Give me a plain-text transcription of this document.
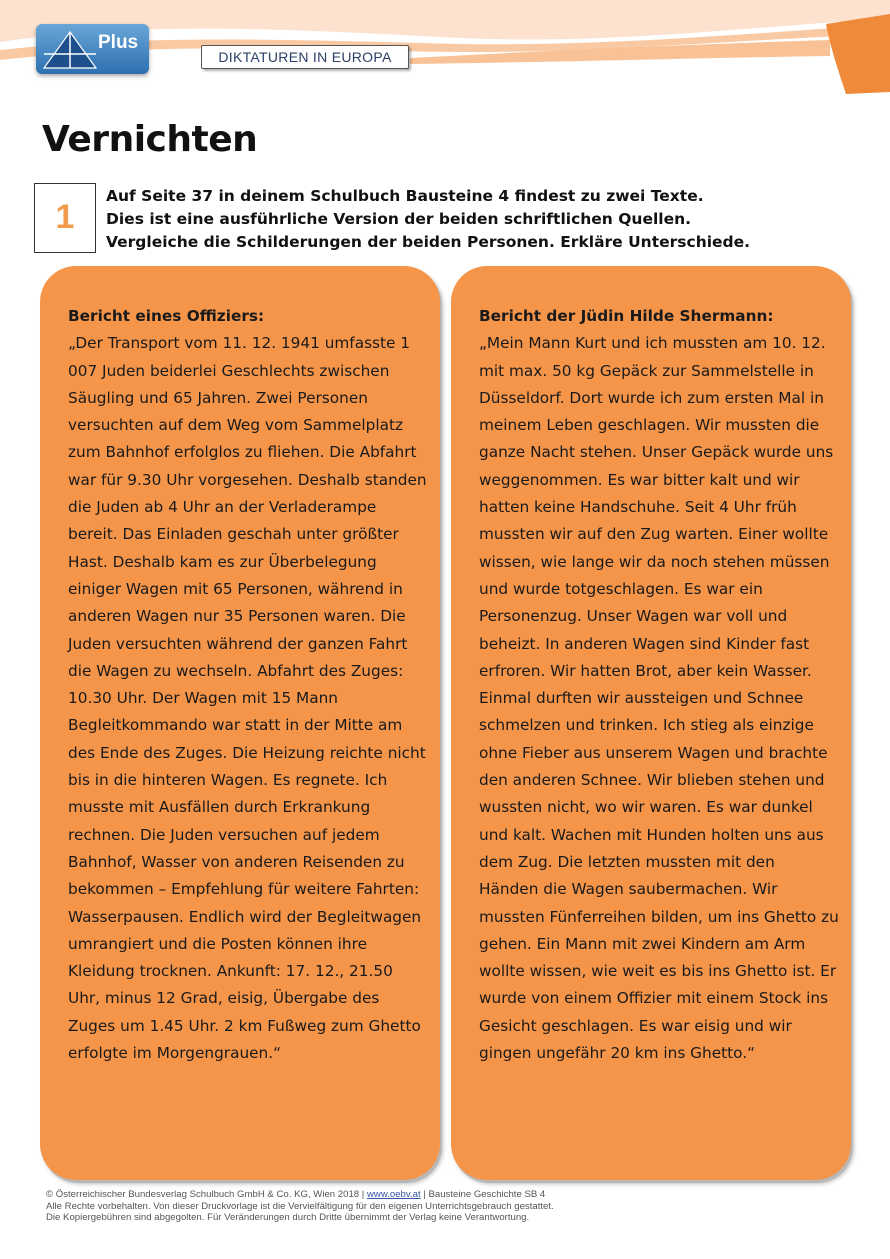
Plus
DIKTATUREN IN EUROPA
Vernichten
1
Auf Seite 37 in deinem Schulbuch Bausteine 4 findest zu zwei Texte.
Dies ist eine ausführliche Version der beiden schriftlichen Quellen.
Vergleiche die Schilderungen der beiden Personen. Erkläre Unterschiede.
Bericht eines Offiziers:
„Der Transport vom 11. 12. 1941 umfasste 1 007 Juden beiderlei Geschlechts zwischen Säugling und 65 Jahren. Zwei Personen versuchten auf dem Weg vom Sammelplatz zum Bahnhof erfolglos zu fliehen. Die Abfahrt war für 9.30 Uhr vorgesehen. Deshalb standen die Juden ab 4 Uhr an der Verladerampe bereit. Das Einladen geschah unter größter Hast. Deshalb kam es zur Überbelegung einiger Wagen mit 65 Personen, während in anderen Wagen nur 35 Personen waren. Die Juden versuchten während der ganzen Fahrt die Wagen zu wechseln. Abfahrt des Zuges: 10.30 Uhr. Der Wagen mit 15 Mann Begleitkommando war statt in der Mitte am des Ende des Zuges. Die Heizung reichte nicht bis in die hinteren Wagen. Es regnete. Ich musste mit Ausfällen durch Erkrankung rechnen. Die Juden versuchen auf jedem Bahnhof, Wasser von anderen Reisenden zu bekommen – Empfehlung für weitere Fahrten: Wasserpausen. Endlich wird der Begleitwagen umrangiert und die Posten können ihre Kleidung trocknen. Ankunft: 17. 12., 21.50 Uhr, minus 12 Grad, eisig, Übergabe des Zuges um 1.45 Uhr. 2 km Fußweg zum Ghetto erfolgte im Morgengrauen.“
Bericht der Jüdin Hilde Shermann:
„Mein Mann Kurt und ich mussten am 10. 12. mit max. 50 kg Gepäck zur Sammelstelle in Düsseldorf. Dort wurde ich zum ersten Mal in meinem Leben geschlagen. Wir mussten die ganze Nacht stehen. Unser Gepäck wurde uns weggenommen. Es war bitter kalt und wir hatten keine Handschuhe. Seit 4 Uhr früh mussten wir auf den Zug warten. Einer wollte wissen, wie lange wir da noch stehen müssen und wurde totgeschlagen. Es war ein Personenzug. Unser Wagen war voll und beheizt. In anderen Wagen sind Kinder fast erfroren. Wir hatten Brot, aber kein Wasser. Einmal durften wir aussteigen und Schnee schmelzen und trinken. Ich stieg als einzige ohne Fieber aus unserem Wagen und brachte den anderen Schnee. Wir blieben stehen und wussten nicht, wo wir waren. Es war dunkel und kalt. Wachen mit Hunden holten uns aus dem Zug. Die letzten mussten mit den Händen die Wagen saubermachen. Wir mussten Fünferreihen bilden, um ins Ghetto zu gehen. Ein Mann mit zwei Kindern am Arm wollte wissen, wie weit es bis ins Ghetto ist. Er wurde von einem Offizier mit einem Stock ins Gesicht geschlagen. Es war eisig und wir gingen ungefähr 20 km ins Ghetto.“
© Österreichischer Bundesverlag Schulbuch GmbH & Co. KG, Wien 2018 | www.oebv.at | Bausteine Geschichte SB 4
Alle Rechte vorbehalten. Von dieser Druckvorlage ist die Vervielfältigung für den eigenen Unterrichtsgebrauch gestattet.
Die Kopiergebühren sind abgegolten. Für Veränderungen durch Dritte übernimmt der Verlag keine Verantwortung.
